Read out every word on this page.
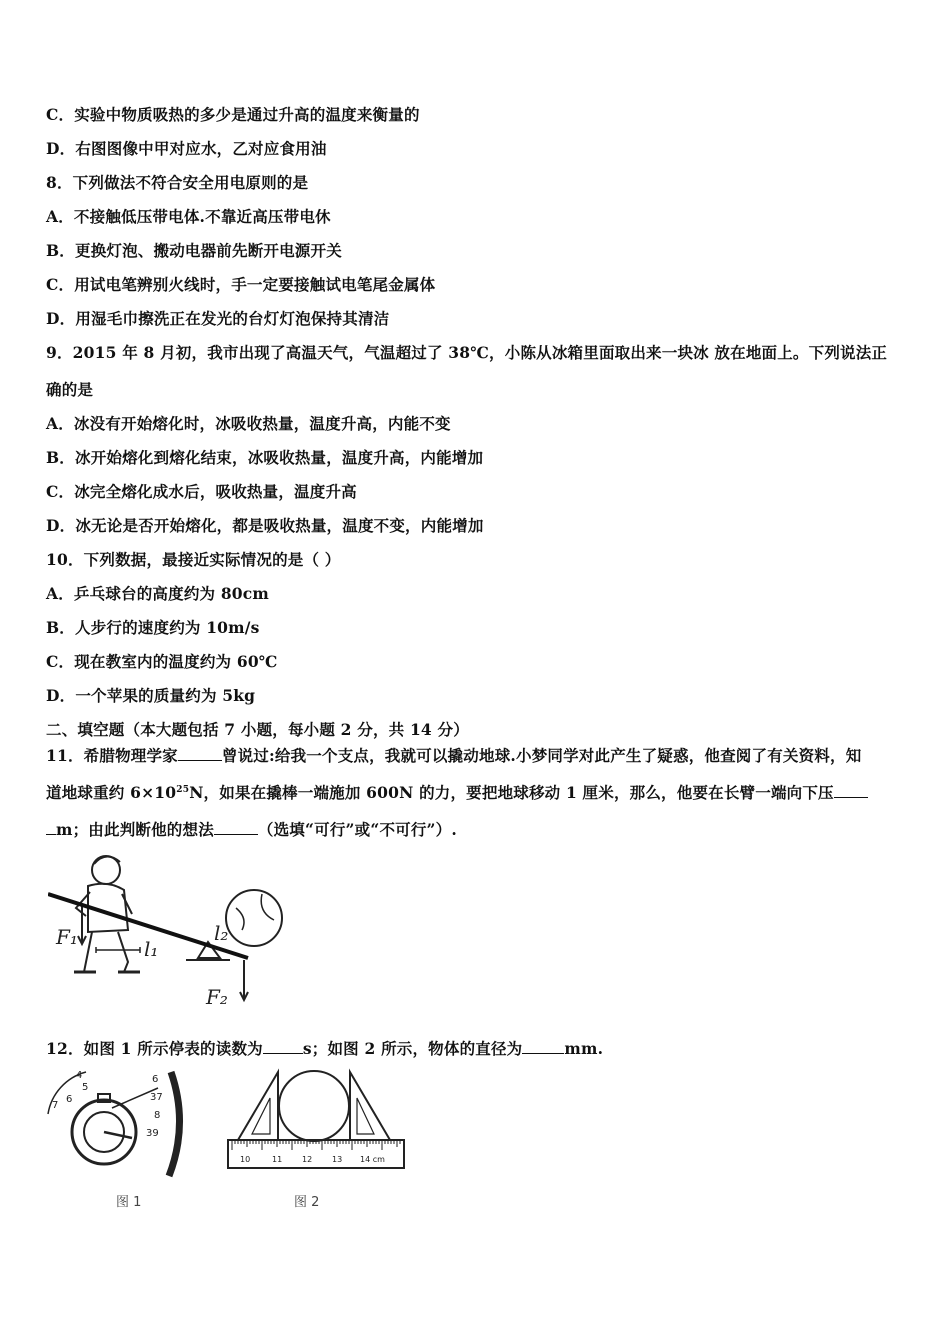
C．实验中物质吸热的多少是通过升高的温度来衡量的
D．右图图像中甲对应水，乙对应食用油
8．下列做法不符合安全用电原则的是
A．不接触低压带电体.不靠近高压带电休
B．更换灯泡、搬动电器前先断开电源开关
C．用试电笔辨别火线时，手一定要接触试电笔尾金属体
D．用湿毛巾擦洗正在发光的台灯灯泡保持其清洁
9．2015 年 8 月初，我市出现了高温天气，气温超过了 38℃，小陈从冰箱里面取出来一块冰 放在地面上。下列说法正
确的是
A．冰没有开始熔化时，冰吸收热量，温度升高，内能不变
B．冰开始熔化到熔化结束，冰吸收热量，温度升高，内能增加
C．冰完全熔化成水后，吸收热量，温度升高
D．冰无论是否开始熔化，都是吸收热量，温度不变，内能增加
10．下列数据，最接近实际情况的是（ ）
A．乒乓球台的高度约为 80cm
B．人步行的速度约为 10m/s
C．现在教室内的温度约为 60℃
D．一个苹果的质量约为 5kg
二、填空题（本大题包括 7 小题，每小题 2 分，共 14 分）
11．希腊物理学家	曾说过:给我一个支点，我就可以撬动地球.小梦同学对此产生了疑惑，他查阅了有关资料，知
道地球重约 $6\times 10^{25}N$，如果在撬棒一端施加 600N 的力，要把地球移动 1 厘米，那么，他要在长臂一端向下压
m；由此判断他的想法	（选填“可行”或“不可行”）.
F₁	l₁
l₂
F₂
12．如图 1 所示停表的读数为	s；如图 2 所示，物体的直径为	mm.
4
5
6
7
6
37
8
39
图 1
10	11 12 13 14 cm
图 2
